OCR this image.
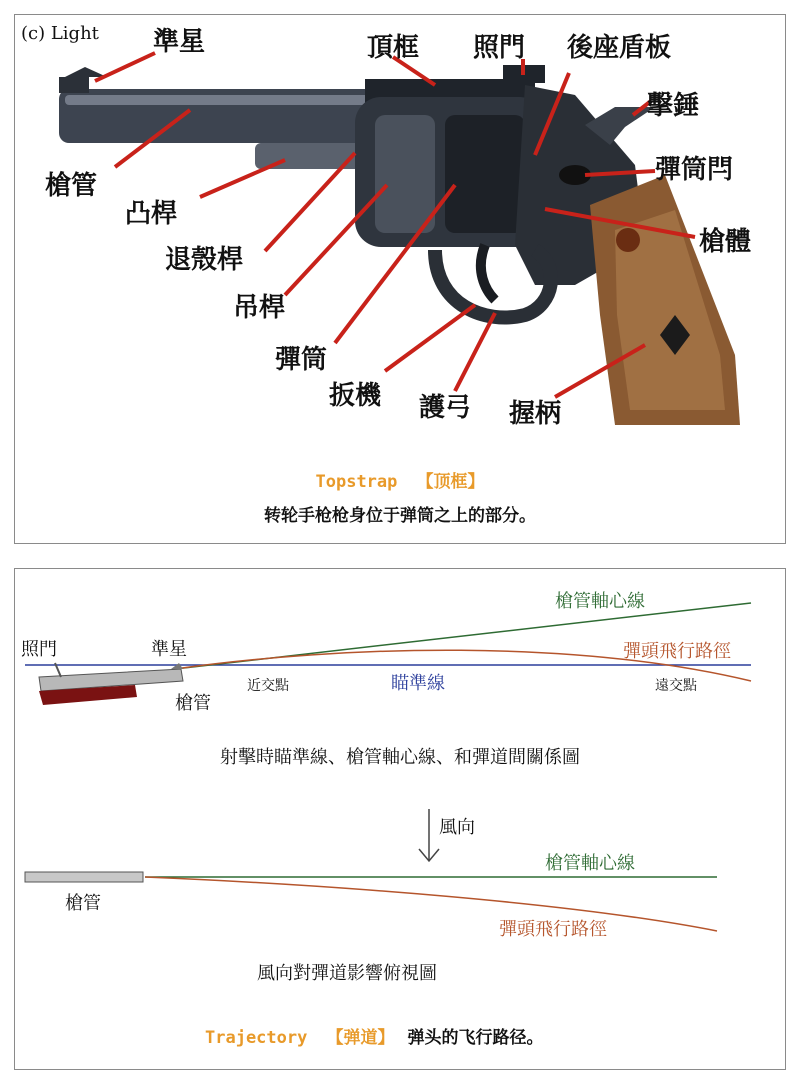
(c) Light 準星	頂框 照門 後座盾板
擊錘
槍管
凸桿
彈筒閂
槍體
退殼桿
吊桿
彈筒
扳機 護弓 握柄
Topstrap 【顶框】
转轮手枪枪身位于弹筒之上的部分。
照門	準星
槍管
槍管軸心線
彈頭飛行路徑
瞄準線
近交點	遠交點
射擊時瞄準線、槍管軸心線、和彈道間關係圖
風向
槍管軸心線
槍管
彈頭飛行路徑
風向對彈道影響俯視圖
Trajectory 【弹道】 弹头的飞行路径。
